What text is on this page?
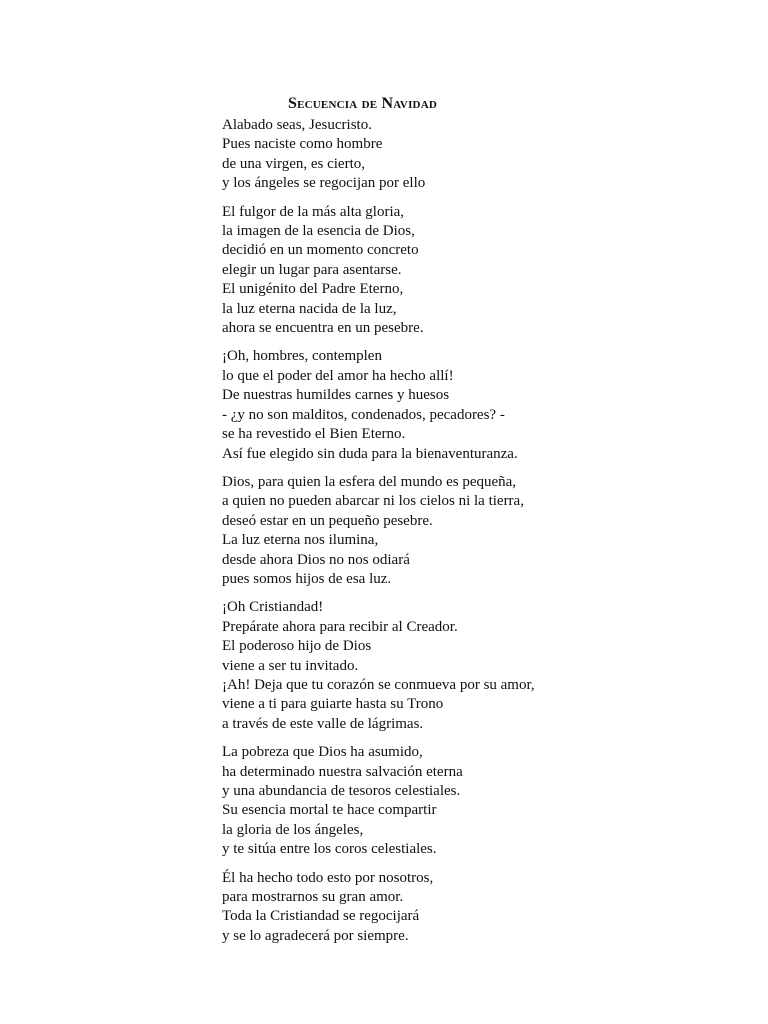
Secuencia de Navidad
Alabado seas, Jesucristo.
Pues naciste como hombre
de una virgen, es cierto,
y los ángeles se regocijan por ello
El fulgor de la más alta gloria,
la imagen de la esencia de Dios,
decidió en un momento concreto
elegir un lugar para asentarse.
El unigénito del Padre Eterno,
la luz eterna nacida de la luz,
ahora se encuentra en un pesebre.
¡Oh, hombres, contemplen
lo que el poder del amor ha hecho allí!
De nuestras humildes carnes y huesos
- ¿y no son malditos, condenados, pecadores? -
se ha revestido el Bien Eterno.
Así fue elegido sin duda para la bienaventuranza.
Dios, para quien la esfera del mundo es pequeña,
a quien no pueden abarcar ni los cielos ni la tierra,
deseó estar en un pequeño pesebre.
La luz eterna nos ilumina,
desde ahora Dios no nos odiará
pues somos hijos de esa luz.
¡Oh Cristiandad!
Prepárate ahora para recibir al Creador.
El poderoso hijo de Dios
viene a ser tu invitado.
¡Ah! Deja que tu corazón se conmueva por su amor,
viene a ti para guiarte hasta su Trono
a través de este valle de lágrimas.
La pobreza que Dios ha asumido,
ha determinado nuestra salvación eterna
y una abundancia de tesoros celestiales.
Su esencia mortal te hace compartir
la gloria de los ángeles,
y te sitúa entre los coros celestiales.
Él ha hecho todo esto por nosotros,
para mostrarnos su gran amor.
Toda la Cristiandad se regocijará
y se lo agradecerá por siempre.
